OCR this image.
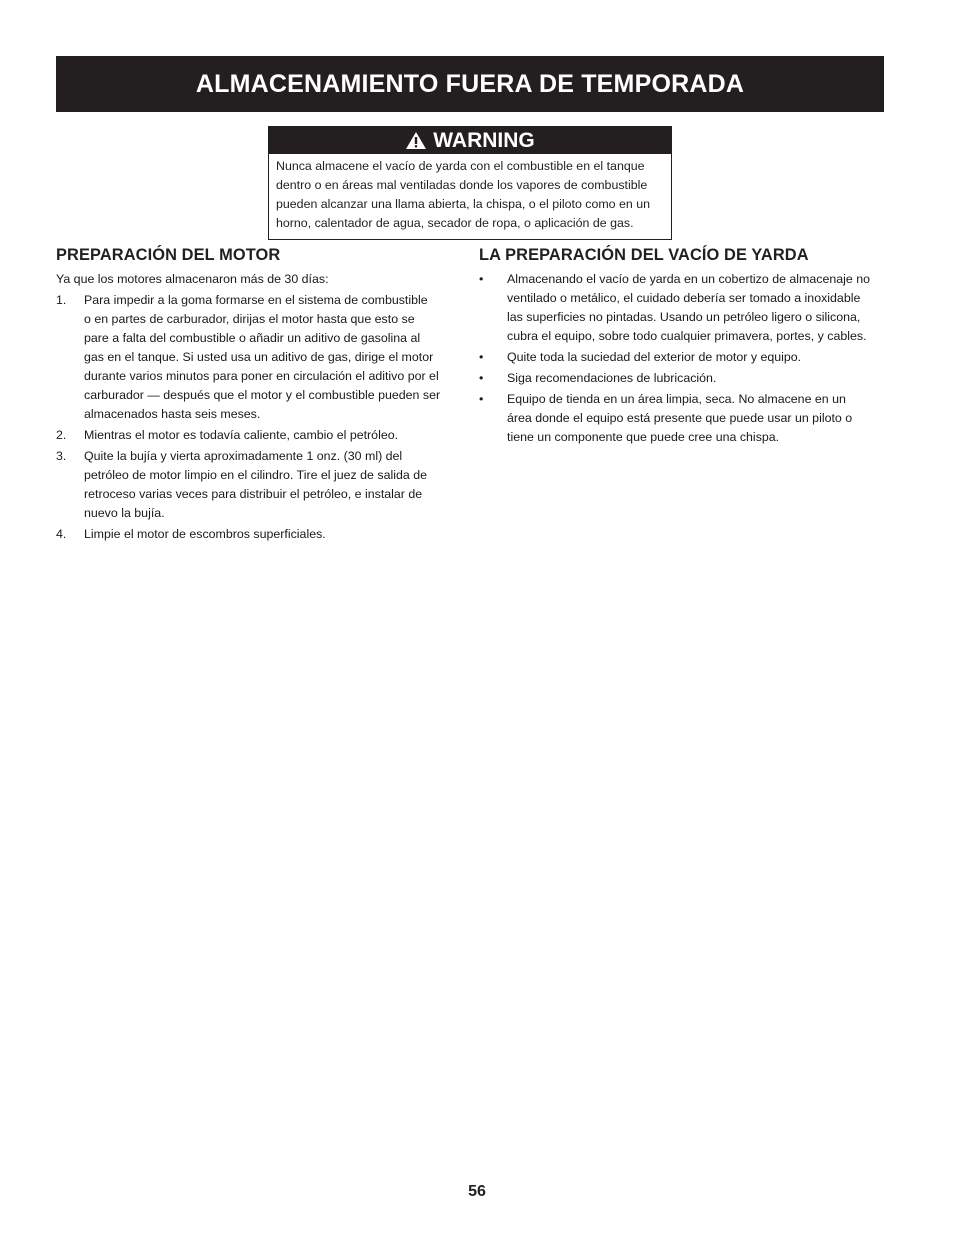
ALMACENAMIENTO FUERA DE TEMPORADA
WARNING
Nunca almacene el vacío de yarda con el combustible en el tanque
dentro o en áreas mal ventiladas donde los vapores de combustible
pueden alcanzar una llama abierta, la chispa, o el piloto como en un
horno, calentador de agua, secador de ropa, o aplicación de gas.
PREPARACIÓN DEL MOTOR

Ya que los motores almacenaron más de 30 días:

1. Para impedir a la goma formarse en el sistema de combustible
o en partes de carburador, dirijas el motor hasta que esto se
pare a falta del combustible o añadir un aditivo de gasolina al
gas en el tanque. Si usted usa un aditivo de gas, dirige el motor
durante varios minutos para poner en circulación el aditivo por el
carburador — después que el motor y el combustible pueden ser
almacenados hasta seis meses.
2. Mientras el motor es todavía caliente, cambio el petróleo.
3. Quite la bujía y vierta aproximadamente 1 onz. (30 ml) del
petróleo de motor limpio en el cilindro. Tire el juez de salida de
retroceso varias veces para distribuir el petróleo, e instalar de
nuevo la bujía.
4. Limpie el motor de escombros superficiales.
LA PREPARACIÓN DEL VACÍO DE YARDA
• Almacenando el vacío de yarda en un cobertizo de almacenaje no
ventilado o metálico, el cuidado debería ser tomado a inoxidable
las superficies no pintadas. Usando un petróleo ligero o silicona,
cubra el equipo, sobre todo cualquier primavera, portes, y cables.
• Quite toda la suciedad del exterior de motor y equipo.
• Siga recomendaciones de lubricación.
• Equipo de tienda en un área limpia, seca. No almacene en un
área donde el equipo está presente que puede usar un piloto o
tiene un componente que puede cree una chispa.
56
